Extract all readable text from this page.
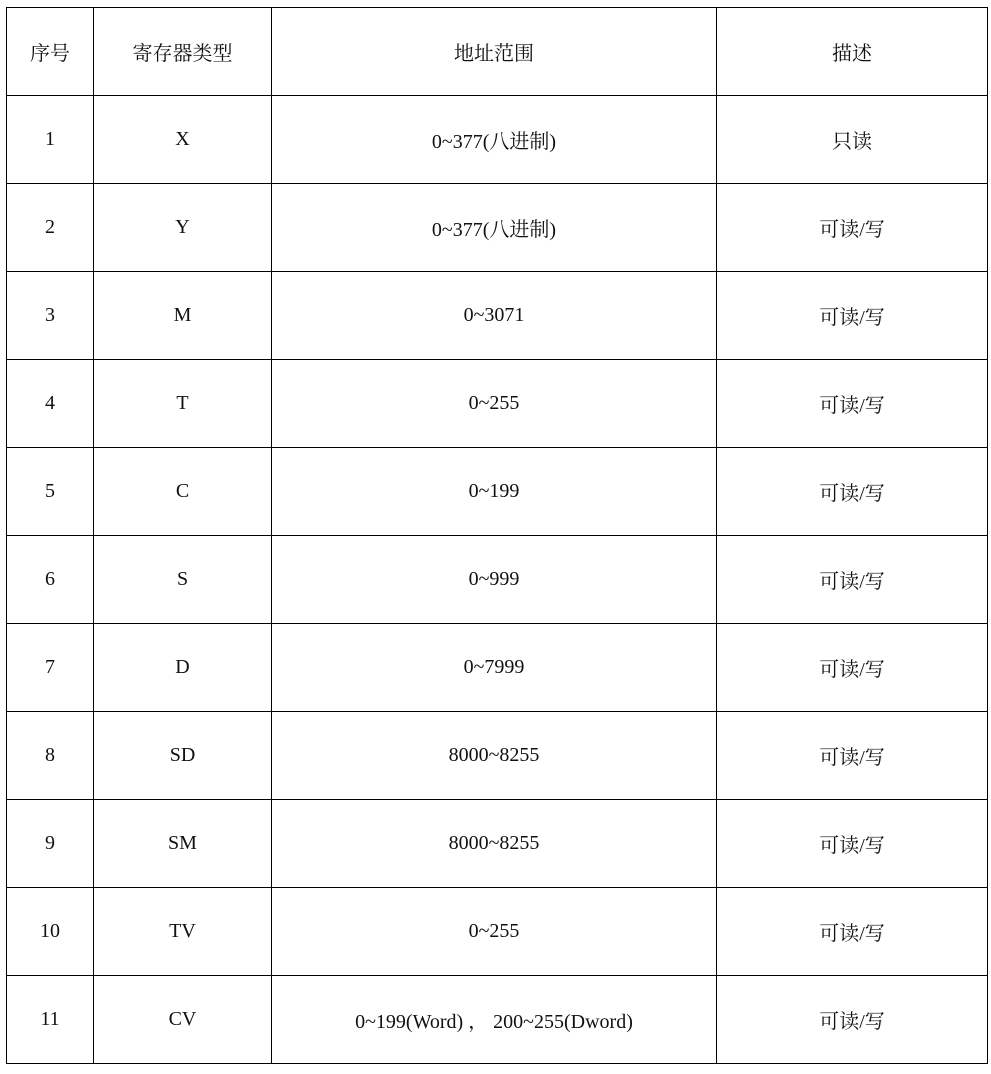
序号	寄存器类型	地址范围	描述
1	X	0~377(八进制)	只读
2	Y	0~377(八进制)	可读/写
3	M	0~3071	可读/写
4	T	0~255	可读/写
5	C	0~199	可读/写
6	S	0~999	可读/写
7	D	0~7999	可读/写
8	SD	8000~8255	可读/写
9	SM	8000~8255	可读/写
10	TV	0~255	可读/写
11	CV	0~199(Word) ， 200~255(Dword)	可读/写
